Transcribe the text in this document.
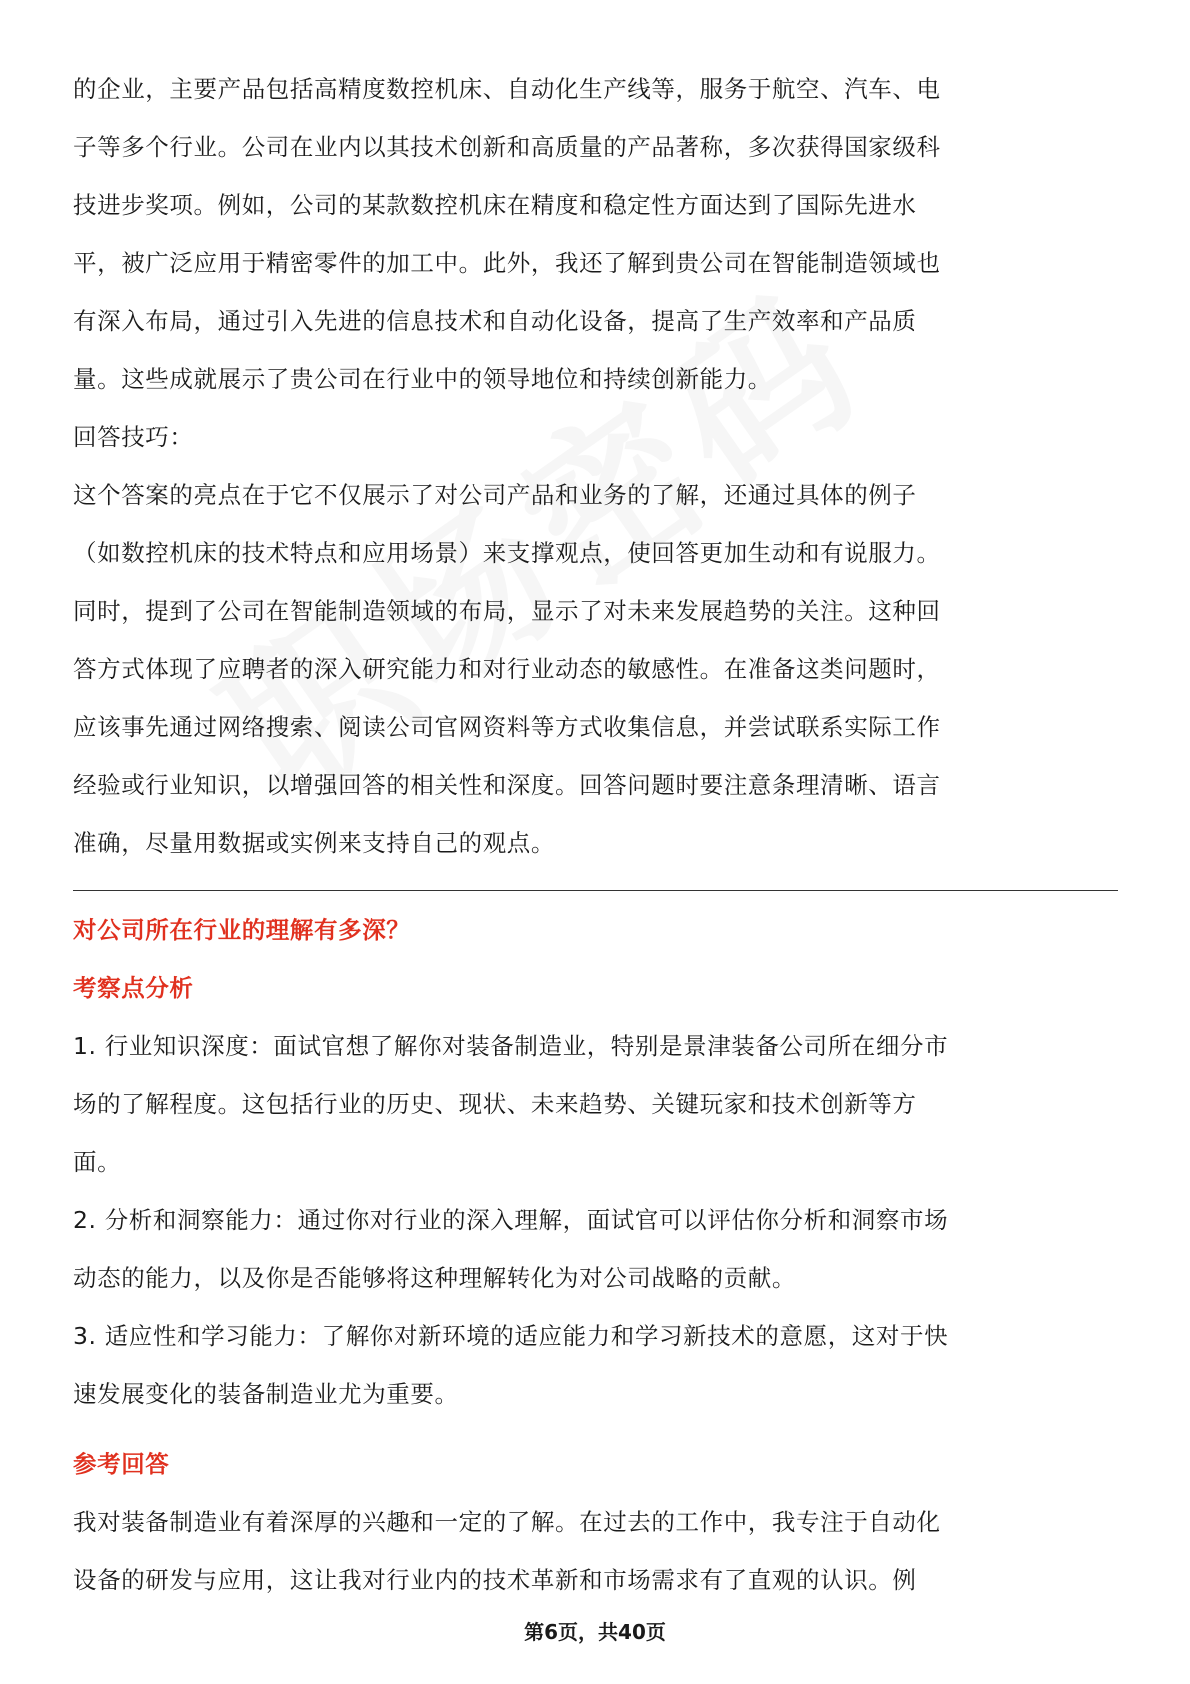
的企业，主要产品包括高精度数控机床、自动化生产线等，服务于航空、汽车、电
子等多个行业。公司在业内以其技术创新和高质量的产品著称，多次获得国家级科
技进步奖项。例如，公司的某款数控机床在精度和稳定性方面达到了国际先进水
平，被广泛应用于精密零件的加工中。此外，我还了解到贵公司在智能制造领域也
有深入布局，通过引入先进的信息技术和自动化设备，提高了生产效率和产品质
量。这些成就展示了贵公司在行业中的领导地位和持续创新能力。
回答技巧：
这个答案的亮点在于它不仅展示了对公司产品和业务的了解，还通过具体的例子
（如数控机床的技术特点和应用场景）来支撑观点，使回答更加生动和有说服力。
同时，提到了公司在智能制造领域的布局，显示了对未来发展趋势的关注。这种回
答方式体现了应聘者的深入研究能力和对行业动态的敏感性。在准备这类问题时，
应该事先通过网络搜索、阅读公司官网资料等方式收集信息，并尝试联系实际工作
经验或行业知识，以增强回答的相关性和深度。回答问题时要注意条理清晰、语言
准确，尽量用数据或实例来支持自己的观点。
对公司所在行业的理解有多深？
考察点分析
1. 行业知识深度：面试官想了解你对装备制造业，特别是景津装备公司所在细分市
场的了解程度。这包括行业的历史、现状、未来趋势、关键玩家和技术创新等方
面。
2. 分析和洞察能力：通过你对行业的深入理解，面试官可以评估你分析和洞察市场
动态的能力，以及你是否能够将这种理解转化为对公司战略的贡献。
3. 适应性和学习能力：了解你对新环境的适应能力和学习新技术的意愿，这对于快
速发展变化的装备制造业尤为重要。
参考回答
我对装备制造业有着深厚的兴趣和一定的了解。在过去的工作中，我专注于自动化
设备的研发与应用，这让我对行业内的技术革新和市场需求有了直观的认识。例
第6页，共40页
